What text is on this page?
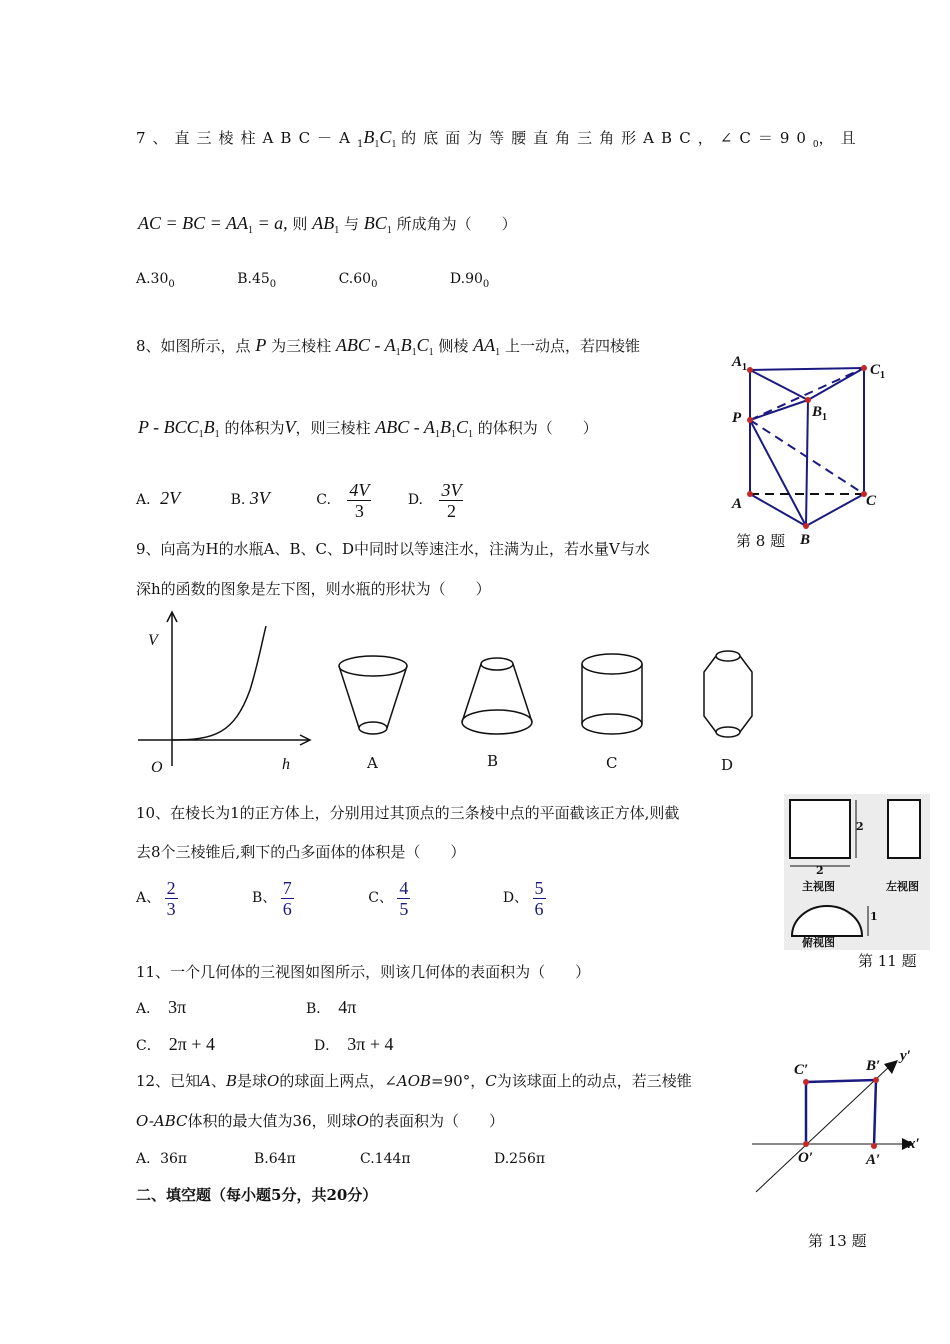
7、直三棱柱$ABC-A_1B_1C_1$ 的底面为等腰直角三角形ABC，$\angle C=90_0$，且
AC = BC = $AA_1 = a$, 则 $AB_1$ 与 $BC_1$ 所成角为（　　）
$A.30_0$	$B.45_0$	$C.60_0$	$D.90_0$
8、如图所示，点 P 为三棱柱 ABC - $A_1B_1C_1$ 侧棱 $AA_1$ 上一动点，若四棱锥
P - $BCC_1B_1$ 的体积为V，则三棱柱 ABC - $A_1B_1C_1$ 的体积为（　　）
A．2V	B. 3V	C. $\frac{4V}{3}$	D. $\frac{3V}{2}$
$A_1$	$C_1$
P	$B_1$
A	C
B
第 8 题
9、向高为H的水瓶A、B、C、D中同时以等速注水，注满为止，若水量V与水
深h的函数的图象是左下图，则水瓶的形状为（　　）
V
O	h	A	B	C	D
10、在棱长为1的正方体上，分别用过其顶点的三条棱中点的平面截该正方体,则截
去8个三棱锥后,剩下的凸多面体的体积是（　　）
A、 $\frac{2}{3}$	B、 $\frac{7}{6}$	C、 $\frac{4}{5}$	D、 $\frac{5}{6}$
2
2
1
主视图	左视图
俯视图
第 11 题
11、一个几何体的三视图如图所示，则该几何体的表面积为（　　）
A． 3π	B． 4π
C． 2π + 4	D． 3π + 4
12、已知A、B是球O的球面上两点，∠AOB=90°，C为该球面上的动点，若三棱锥
O-ABC体积的最大值为36，则球O的表面积为（　　）
A．36π	B.64π	C.144π	D.256π
C′	B′
y′
x′
O′	A′
二、填空题（每小题5分，共20分）
第 13 题
